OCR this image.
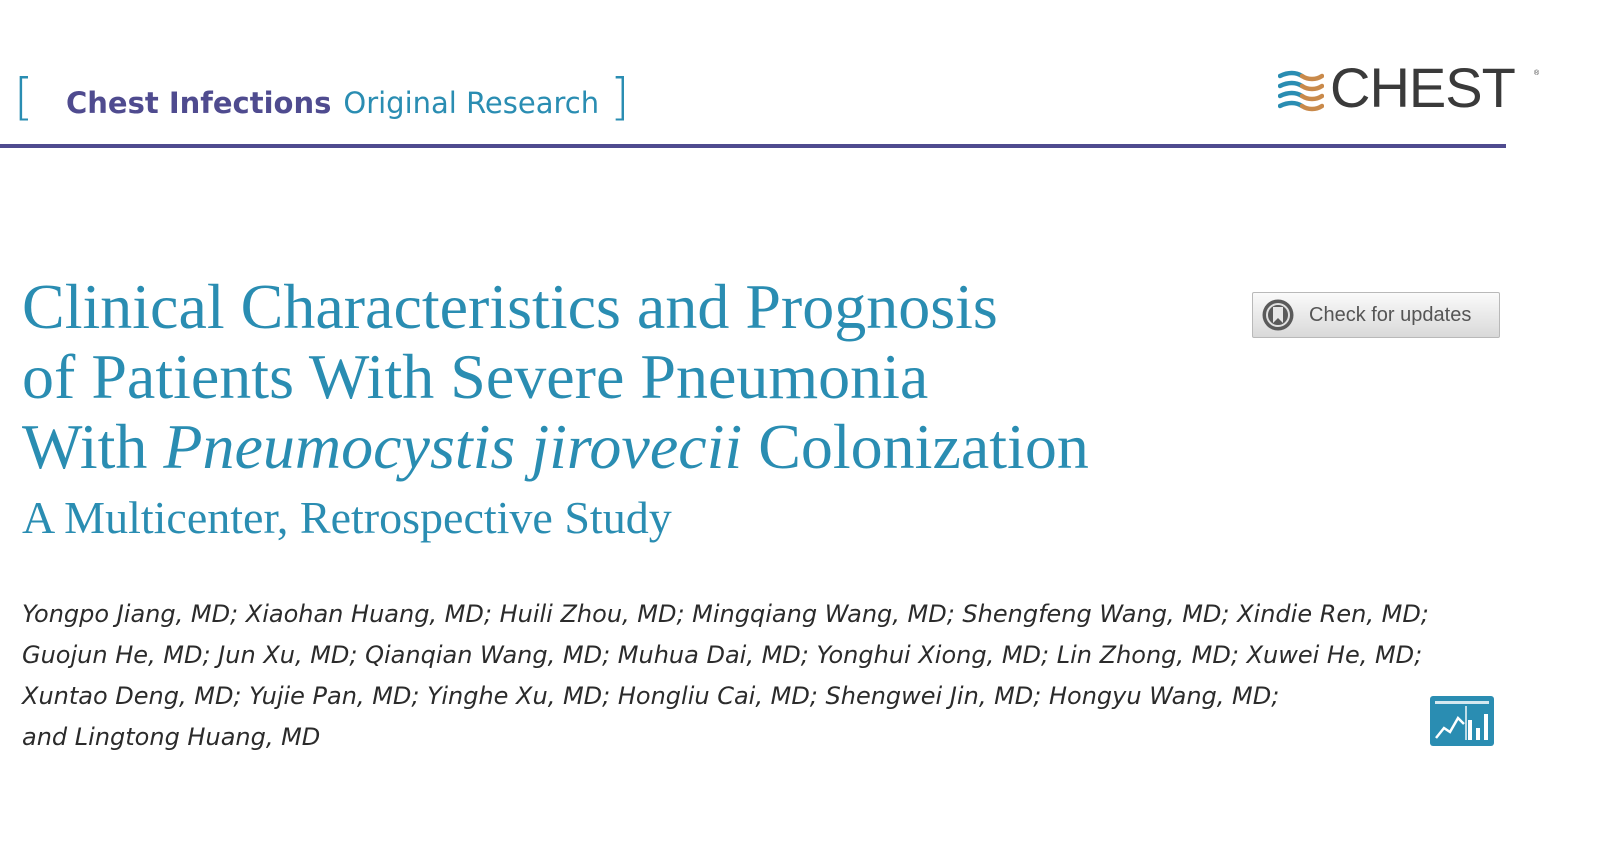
[ Chest Infections Original Research ]	CHEST	®
Clinical Characteristics and Prognosis
of Patients With Severe Pneumonia
With Pneumocystis jirovecii Colonization
A Multicenter, Retrospective Study
Check for updates
Yongpo Jiang, MD; Xiaohan Huang, MD; Huili Zhou, MD; Mingqiang Wang, MD; Shengfeng Wang, MD; Xindie Ren, MD;
Guojun He, MD; Jun Xu, MD; Qianqian Wang, MD; Muhua Dai, MD; Yonghui Xiong, MD; Lin Zhong, MD; Xuwei He, MD;
Xuntao Deng, MD; Yujie Pan, MD; Yinghe Xu, MD; Hongliu Cai, MD; Shengwei Jin, MD; Hongyu Wang, MD;
and Lingtong Huang, MD
